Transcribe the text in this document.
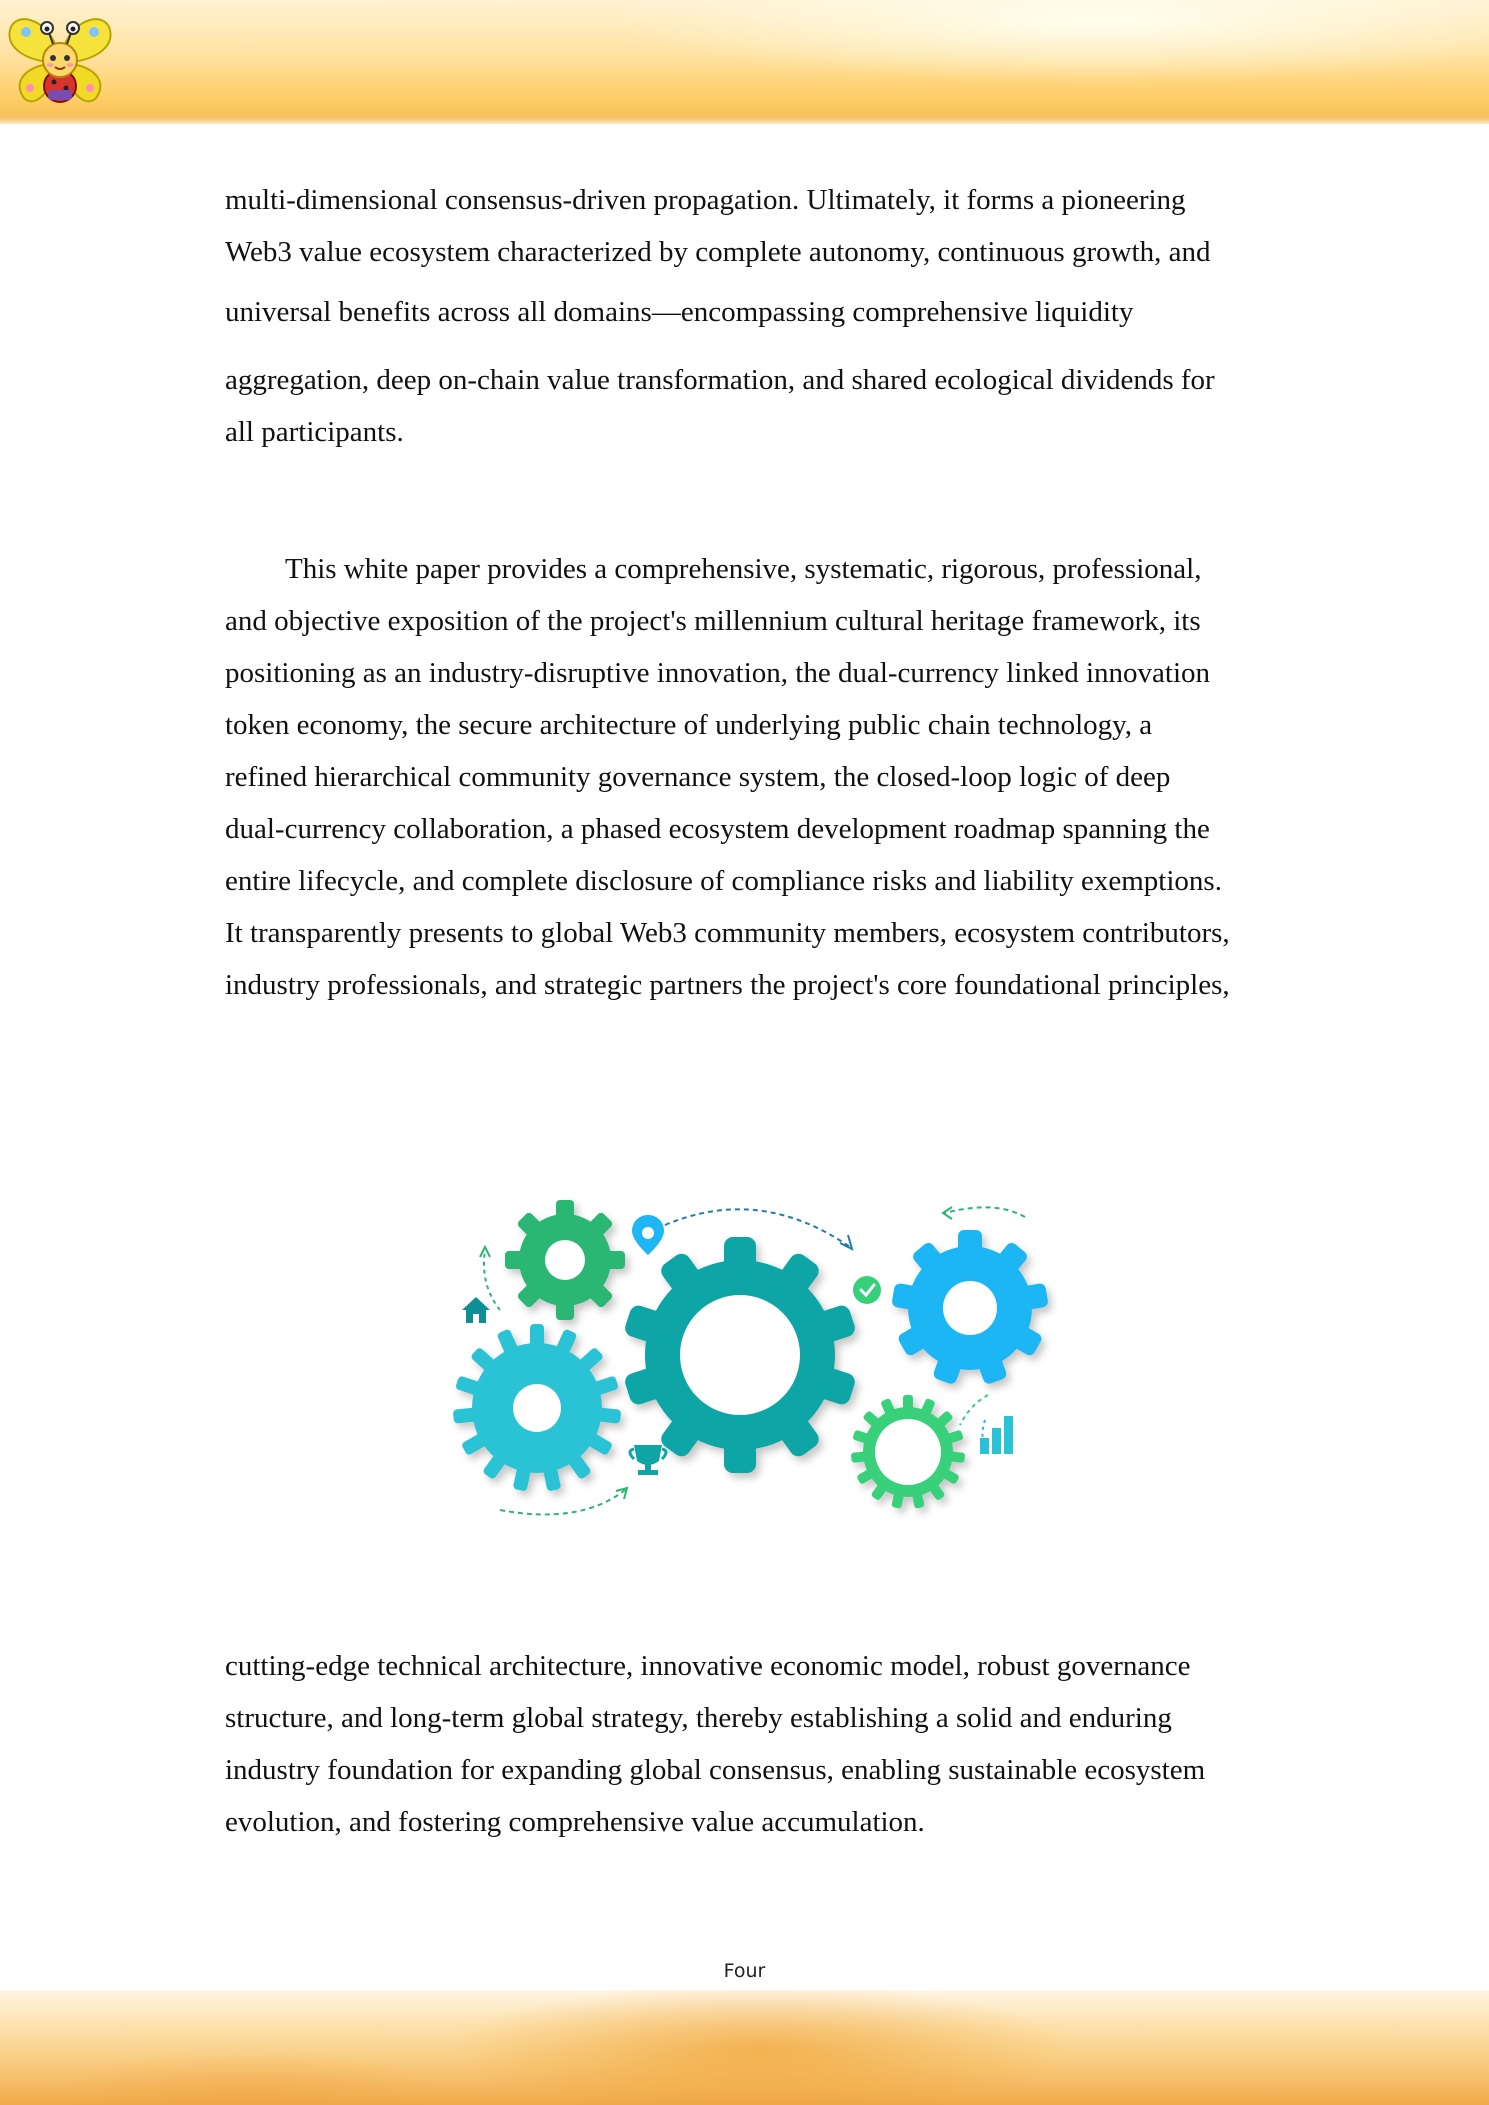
multi-dimensional consensus-driven propagation. Ultimately, it forms a pioneering
Web3 value ecosystem characterized by complete autonomy, continuous growth, and
universal benefits across all domains—encompassing comprehensive liquidity
aggregation, deep on-chain value transformation, and shared ecological dividends for
all participants.
This white paper provides a comprehensive, systematic, rigorous, professional,
and objective exposition of the project's millennium cultural heritage framework, its
positioning as an industry-disruptive innovation, the dual-currency linked innovation
token economy, the secure architecture of underlying public chain technology, a
refined hierarchical community governance system, the closed-loop logic of deep
dual-currency collaboration, a phased ecosystem development roadmap spanning the
entire lifecycle, and complete disclosure of compliance risks and liability exemptions.
It transparently presents to global Web3 community members, ecosystem contributors,
industry professionals, and strategic partners the project's core foundational principles,
cutting-edge technical architecture, innovative economic model, robust governance
structure, and long-term global strategy, thereby establishing a solid and enduring
industry foundation for expanding global consensus, enabling sustainable ecosystem
evolution, and fostering comprehensive value accumulation.
Four
